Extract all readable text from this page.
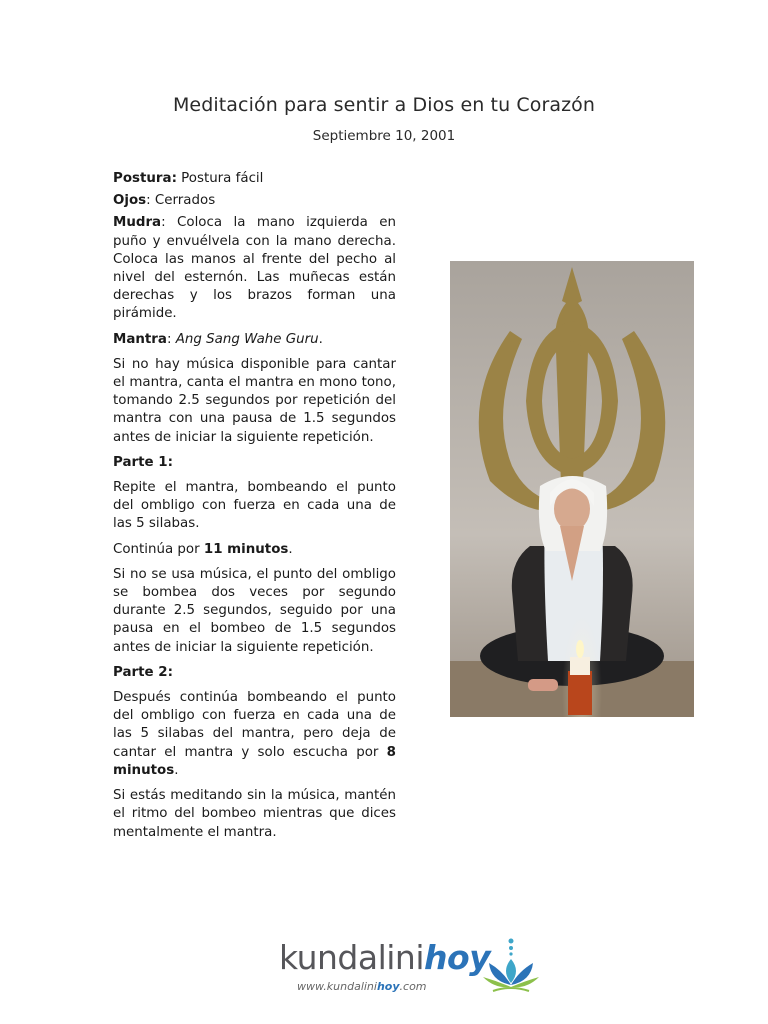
Meditación para sentir a Dios en tu Corazón
Septiembre 10, 2001

Postura: Postura fácil

Ojos: Cerrados

Mudra: Coloca la mano izquierda en puño y envuélvela con la mano derecha. Coloca las manos al frente del pecho al nivel del esternón. Las muñecas están derechas y los brazos forman una pirámide.

Mantra: Ang Sang Wahe Guru.

Si no hay música disponible para cantar el mantra, canta el mantra en mono tono, tomando 2.5 segundos por repetición del mantra con una pausa de 1.5 segundos antes de iniciar la siguiente repetición.

Parte 1:

Repite el mantra, bombeando el punto del ombligo con fuerza en cada una de las 5 silabas.

Continúa por 11 minutos.

Si no se usa música, el punto del ombligo se bombea dos veces por segundo durante 2.5 segundos, seguido por una pausa en el bombeo de 1.5 segundos antes de iniciar la siguiente repetición.

Parte 2:

Después continúa bombeando el punto del ombligo con fuerza en cada una de las 5 silabas del mantra, pero deja de cantar el mantra y solo escucha por 8 minutos.

Si estás meditando sin la música, mantén el ritmo del bombeo mientras que dices mentalmente el mantra.

kundalinihoy
www.kundalinihoy.com
